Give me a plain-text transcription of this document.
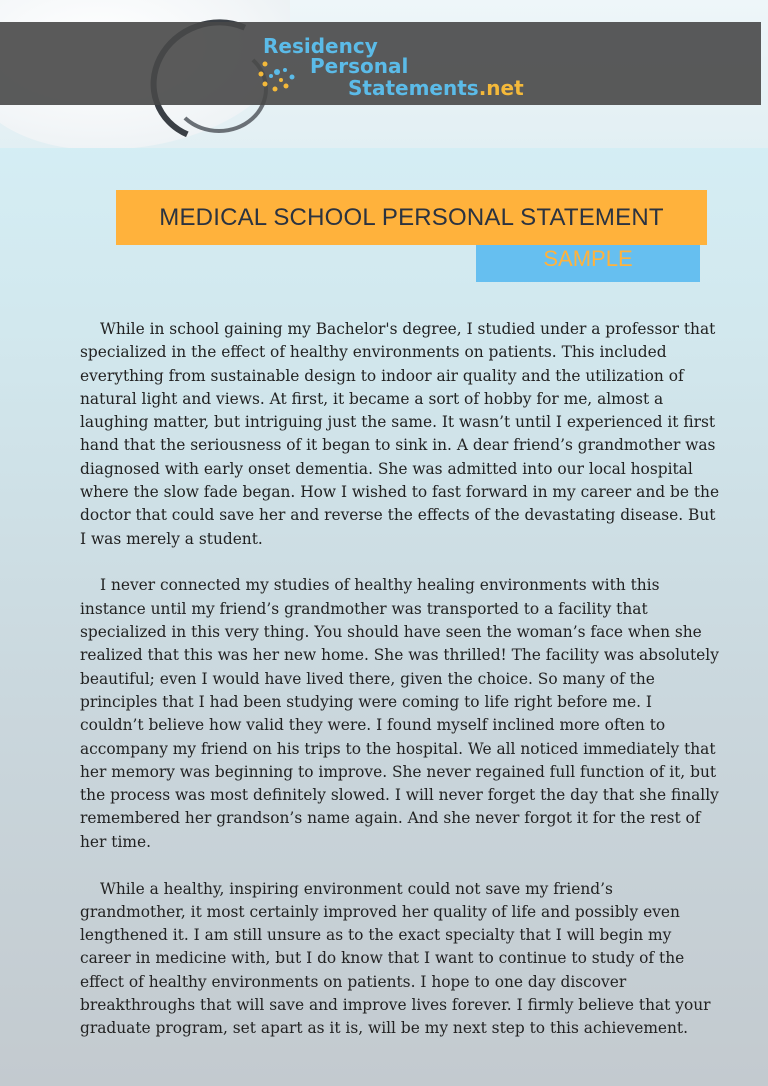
Residency
Personal
Statements.net
MEDICAL SCHOOL PERSONAL STATEMENT
SAMPLE

While in school gaining my Bachelor's degree, I studied under a professor that specialized in the effect of healthy environments on patients. This included everything from sustainable design to indoor air quality and the utilization of natural light and views. At first, it became a sort of hobby for me, almost a laughing matter, but intriguing just the same. It wasn’t until I experienced it first hand that the seriousness of it began to sink in. A dear friend’s grandmother was diagnosed with early onset dementia. She was admitted into our local hospital where the slow fade began. How I wished to fast forward in my career and be the doctor that could save her and reverse the effects of the devastating disease. But I was merely a student.

I never connected my studies of healthy healing environments with this instance until my friend’s grandmother was transported to a facility that specialized in this very thing. You should have seen the woman’s face when she realized that this was her new home. She was thrilled! The facility was absolutely beautiful; even I would have lived there, given the choice. So many of the principles that I had been studying were coming to life right before me. I couldn’t believe how valid they were. I found myself inclined more often to accompany my friend on his trips to the hospital. We all noticed immediately that her memory was beginning to improve. She never regained full function of it, but the process was most definitely slowed. I will never forget the day that she finally remembered her grandson’s name again. And she never forgot it for the rest of her time.

While a healthy, inspiring environment could not save my friend’s grandmother, it most certainly improved her quality of life and possibly even lengthened it. I am still unsure as to the exact specialty that I will begin my career in medicine with, but I do know that I want to continue to study of the effect of healthy environments on patients. I hope to one day discover breakthroughs that will save and improve lives forever. I firmly believe that your graduate program, set apart as it is, will be my next step to this achievement.
